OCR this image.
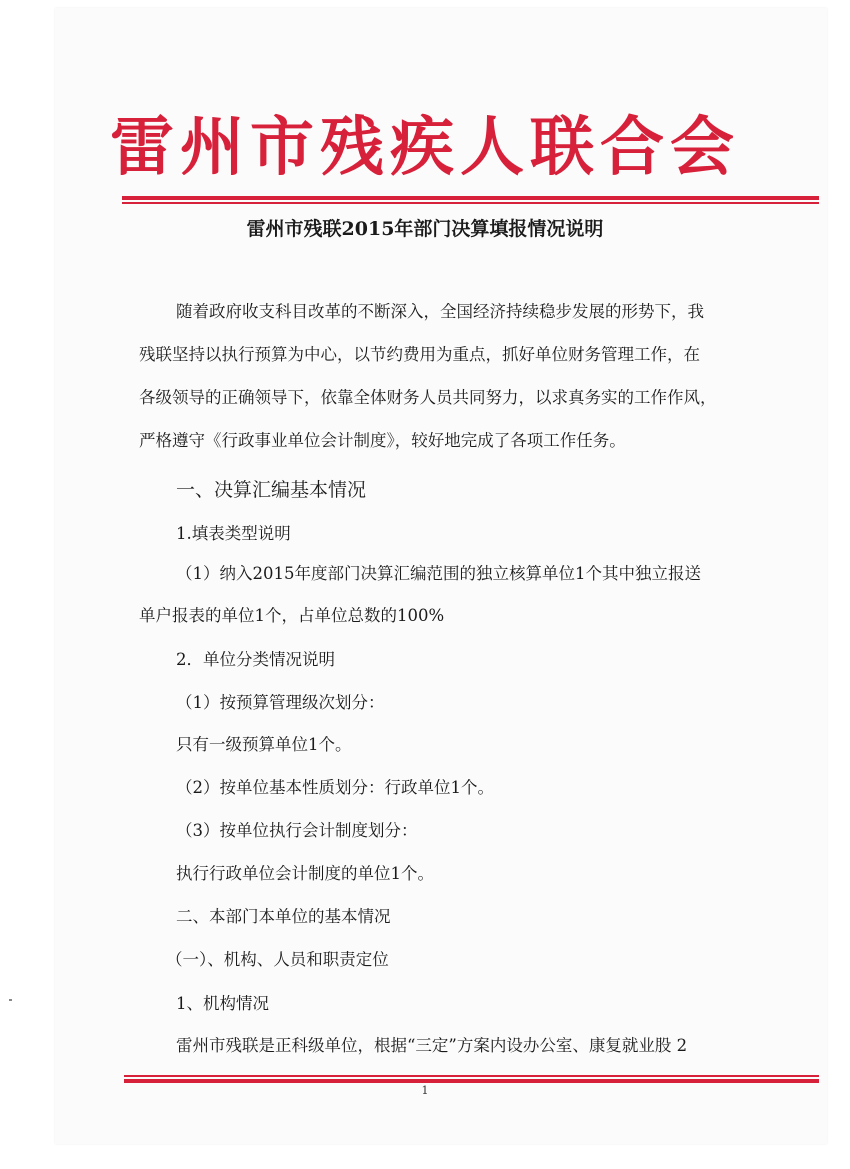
雷州市残疾人联合会
雷州市残联2015年部门决算填报情况说明
随着政府收支科目改革的不断深入，全国经济持续稳步发展的形势下，我
残联坚持以执行预算为中心，以节约费用为重点，抓好单位财务管理工作，在
各级领导的正确领导下，依靠全体财务人员共同努力，以求真务实的工作作风，
严格遵守《行政事业单位会计制度》，较好地完成了各项工作任务。
一、决算汇编基本情况
1.填表类型说明
（1）纳入2015年度部门决算汇编范围的独立核算单位1个其中独立报送
单户报表的单位1个，占单位总数的100%
2．单位分类情况说明
（1）按预算管理级次划分：
只有一级预算单位1个。
（2）按单位基本性质划分：行政单位1个。
（3）按单位执行会计制度划分：
执行行政单位会计制度的单位1个。
二、本部门本单位的基本情况
（一）、机构、人员和职责定位
1、机构情况
雷州市残联是正科级单位，根据“三定”方案内设办公室、康复就业股 2
1
